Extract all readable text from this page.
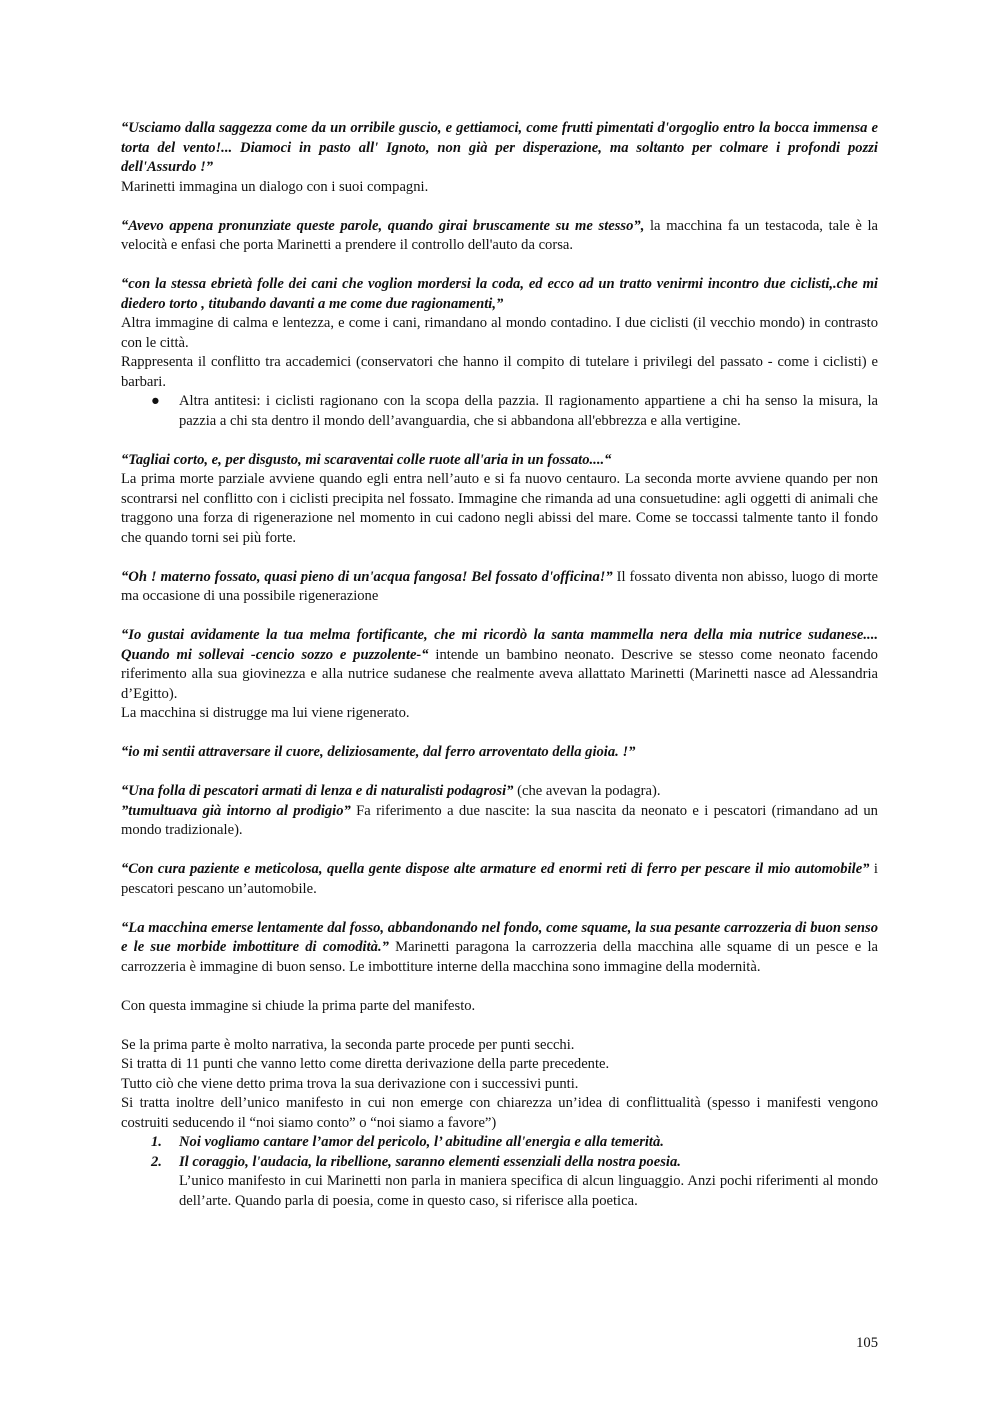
“Usciamo dalla saggezza come da un orribile guscio, e gettiamoci, come frutti pimentati d'orgoglio entro la bocca immensa e torta del vento!... Diamoci in pasto all' Ignoto, non già per disperazione, ma soltanto per colmare i profondi pozzi dell'Assurdo !”
Marinetti immagina un dialogo con i suoi compagni.

“Avevo appena pronunziate queste parole, quando girai bruscamente su me stesso”, la macchina fa un testacoda, tale è la velocità e enfasi che porta Marinetti a prendere il controllo dell'auto da corsa.

“con la stessa ebrietà folle dei cani che voglion mordersi la coda, ed ecco ad un tratto venirmi incontro due ciclisti,.che mi diedero torto , titubando davanti a me come due ragionamenti,”
Altra immagine di calma e lentezza, e come i cani, rimandano al mondo contadino. I due ciclisti (il vecchio mondo) in contrasto con le città.
Rappresenta il conflitto tra accademici (conservatori che hanno il compito di tutelare i privilegi del passato - come i ciclisti) e barbari.

● Altra antitesi: i ciclisti ragionano con la scopa della pazzia. Il ragionamento appartiene a chi ha senso la misura, la pazzia a chi sta dentro il mondo dell’avanguardia, che si abbandona all'ebbrezza e alla vertigine.

“Tagliai corto, e, per disgusto, mi scaraventai colle ruote all'aria in un fossato....“
La prima morte parziale avviene quando egli entra nell’auto e si fa nuovo centauro. La seconda morte avviene quando per non scontrarsi nel conflitto con i ciclisti precipita nel fossato. Immagine che rimanda ad una consuetudine: agli oggetti di animali che traggono una forza di rigenerazione nel momento in cui cadono negli abissi del mare. Come se toccassi talmente tanto il fondo che quando torni sei più forte.

“Oh ! materno fossato, quasi pieno di un'acqua fangosa! Bel fossato d'officina!” Il fossato diventa non abisso, luogo di morte ma occasione di una possibile rigenerazione

“Io gustai avidamente la tua melma fortificante, che mi ricordò la santa mammella nera della mia nutrice sudanese.... Quando mi sollevai -cencio sozzo e puzzolente-“ intende un bambino neonato. Descrive se stesso come neonato facendo riferimento alla sua giovinezza e alla nutrice sudanese che realmente aveva allattato Marinetti (Marinetti nasce ad Alessandria d’Egitto).
La macchina si distrugge ma lui viene rigenerato.

“io mi sentii attraversare il cuore, deliziosamente, dal ferro arroventato della gioia. !”

“Una folla di pescatori armati di lenza e di naturalisti podagrosi” (che avevan la podagra).
”tumultuava già intorno al prodigio” Fa riferimento a due nascite: la sua nascita da neonato e i pescatori (rimandano ad un mondo tradizionale).

“Con cura paziente e meticolosa, quella gente dispose alte armature ed enormi reti di ferro per pescare il mio automobile” i pescatori pescano un’automobile.

“La macchina emerse lentamente dal fosso, abbandonando nel fondo, come squame, la sua pesante carrozzeria di buon senso e le sue morbide imbottiture di comodità.” Marinetti paragona la carrozzeria della macchina alle squame di un pesce e la carrozzeria è immagine di buon senso. Le imbottiture interne della macchina sono immagine della modernità.

Con questa immagine si chiude la prima parte del manifesto.

Se la prima parte è molto narrativa, la seconda parte procede per punti secchi.
Si tratta di 11 punti che vanno letto come diretta derivazione della parte precedente.
Tutto ciò che viene detto prima trova la sua derivazione con i successivi punti.
Si tratta inoltre dell’unico manifesto in cui non emerge con chiarezza un’idea di conflittualità (spesso i manifesti vengono costruiti seducendo il “noi siamo conto” o “noi siamo a favore”)

1. Noi vogliamo cantare l’amor del pericolo, l’ abitudine all'energia e alla temerità.
2. Il coraggio, l'audacia, la ribellione, saranno elementi essenziali della nostra poesia.
L’unico manifesto in cui Marinetti non parla in maniera specifica di alcun linguaggio. Anzi pochi riferimenti al mondo dell’arte. Quando parla di poesia, come in questo caso, si riferisce alla poetica.
105
